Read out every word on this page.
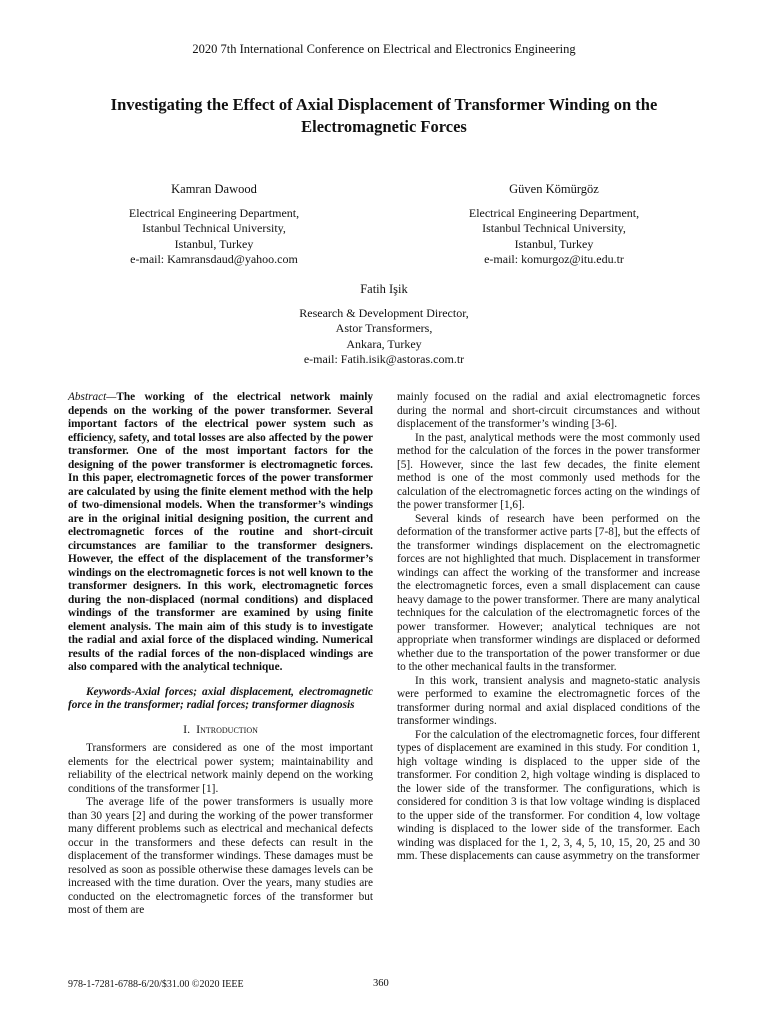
2020 7th International Conference on Electrical and Electronics Engineering
Investigating the Effect of Axial Displacement of Transformer Winding on the
Electromagnetic Forces
Kamran Dawood
Electrical Engineering Department,
Istanbul Technical University,
Istanbul, Turkey
e-mail: Kamransdaud@yahoo.com
Güven Kömürgöz
Electrical Engineering Department,
Istanbul Technical University,
Istanbul, Turkey
e-mail: komurgoz@itu.edu.tr
Fatih Işik
Research & Development Director,
Astor Transformers,
Ankara, Turkey
e-mail: Fatih.isik@astoras.com.tr

Abstract—The working of the electrical network mainly depends on the working of the power transformer. Several important factors of the electrical power system such as efficiency, safety, and total losses are also affected by the power transformer. One of the most important factors for the designing of the power transformer is electromagnetic forces. In this paper, electromagnetic forces of the power transformer are calculated by using the finite element method with the help of two-dimensional models. When the transformer’s windings are in the original initial designing position, the current and electromagnetic forces of the routine and short-circuit circumstances are familiar to the transformer designers. However, the effect of the displacement of the transformer’s windings on the electromagnetic forces is not well known to the transformer designers. In this work, electromagnetic forces during the non-displaced (normal conditions) and displaced windings of the transformer are examined by using finite element analysis. The main aim of this study is to investigate the radial and axial force of the displaced winding. Numerical results of the radial forces of the non-displaced windings are also compared with the analytical technique.

Keywords-Axial forces; axial displacement, electromagnetic force in the transformer; radial forces; transformer diagnosis

I. Introduction

Transformers are considered as one of the most important elements for the electrical power system; maintainability and reliability of the electrical network mainly depend on the working conditions of the transformer [1].

The average life of the power transformers is usually more than 30 years [2] and during the working of the power transformer many different problems such as electrical and mechanical defects occur in the transformers and these defects can result in the displacement of the transformer windings. These damages must be resolved as soon as possible otherwise these damages levels can be increased with the time duration. Over the years, many studies are conducted on the electromagnetic forces of the transformer but most of them are

mainly focused on the radial and axial electromagnetic forces during the normal and short-circuit circumstances and without displacement of the transformer’s winding [3-6].

In the past, analytical methods were the most commonly used method for the calculation of the forces in the power transformer [5]. However, since the last few decades, the finite element method is one of the most commonly used methods for the calculation of the electromagnetic forces acting on the windings of the power transformer [1,6].

Several kinds of research have been performed on the deformation of the transformer active parts [7-8], but the effects of the transformer windings displacement on the electromagnetic forces are not highlighted that much. Displacement in transformer windings can affect the working of the transformer and increase the electromagnetic forces, even a small displacement can cause heavy damage to the power transformer. There are many analytical techniques for the calculation of the electromagnetic forces of the power transformer. However; analytical techniques are not appropriate when transformer windings are displaced or deformed whether due to the transportation of the power transformer or due to the other mechanical faults in the transformer.

In this work, transient analysis and magneto-static analysis were performed to examine the electromagnetic forces of the transformer during normal and axial displaced conditions of the transformer windings.

For the calculation of the electromagnetic forces, four different types of displacement are examined in this study. For condition 1, high voltage winding is displaced to the upper side of the transformer. For condition 2, high voltage winding is displaced to the lower side of the transformer. The configurations, which is considered for condition 3 is that low voltage winding is displaced to the upper side of the transformer. For condition 4, low voltage winding is displaced to the lower side of the transformer. Each winding was displaced for the 1, 2, 3, 4, 5, 10, 15, 20, 25 and 30 mm. These displacements can cause asymmetry on the transformer

978-1-7281-6788-6/20/$31.00 ©2020 IEEE	360
